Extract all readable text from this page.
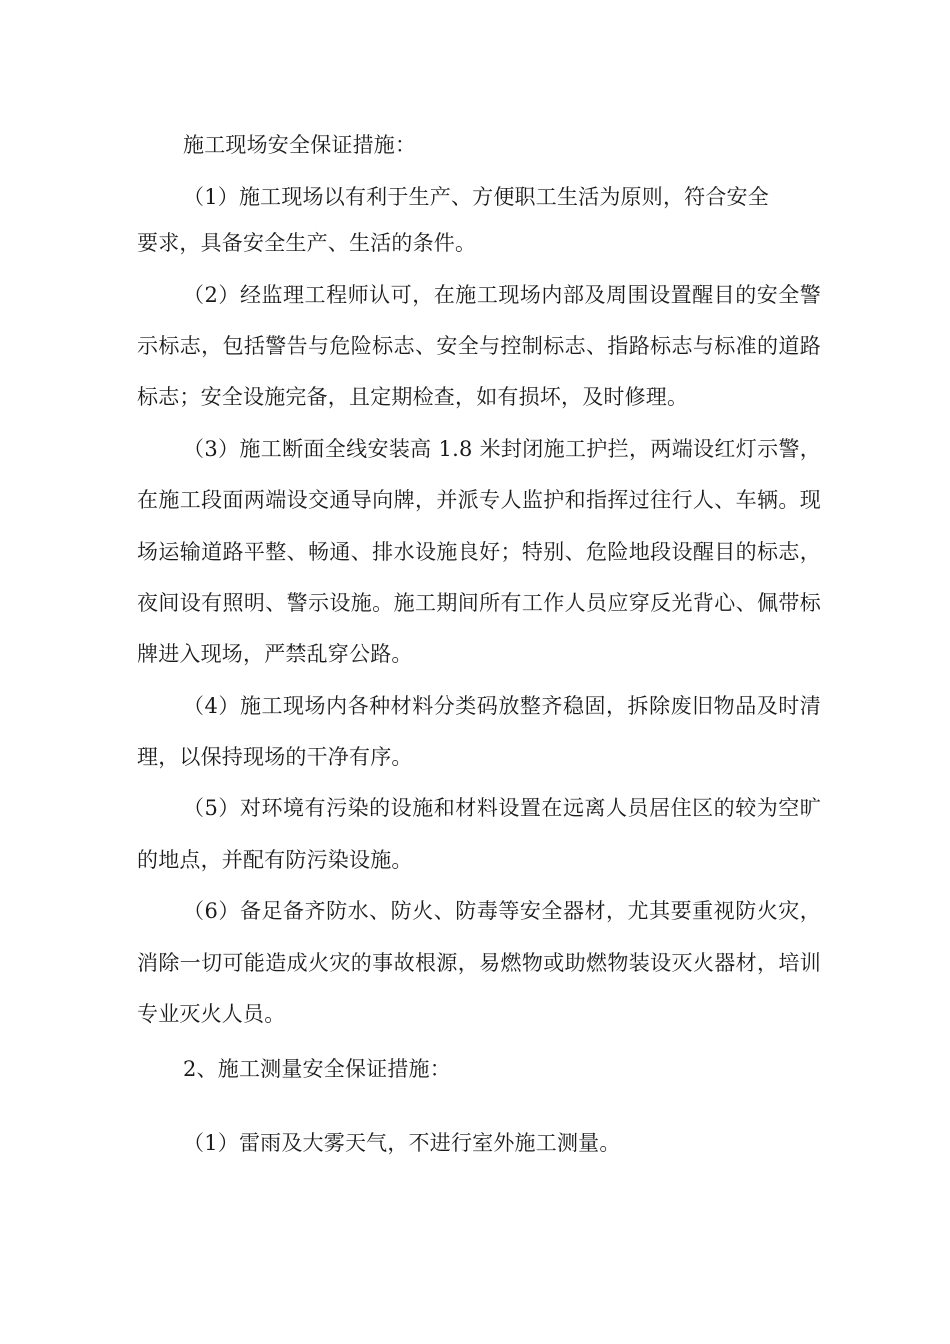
施工现场安全保证措施：
（1）施工现场以有利于生产、方便职工生活为原则，符合安全
要求，具备安全生产、生活的条件。
（2）经监理工程师认可，在施工现场内部及周围设置醒目的安全警
示标志，包括警告与危险标志、安全与控制标志、指路标志与标准的道路
标志；安全设施完备，且定期检查，如有损坏，及时修理。
（3）施工断面全线安装高 1.8 米封闭施工护拦，两端设红灯示警，
在施工段面两端设交通导向牌，并派专人监护和指挥过往行人、车辆。现
场运输道路平整、畅通、排水设施良好；特别、危险地段设醒目的标志，
夜间设有照明、警示设施。施工期间所有工作人员应穿反光背心、佩带标
牌进入现场，严禁乱穿公路。
（4）施工现场内各种材料分类码放整齐稳固，拆除废旧物品及时清
理，以保持现场的干净有序。
（5）对环境有污染的设施和材料设置在远离人员居住区的较为空旷
的地点，并配有防污染设施。
（6）备足备齐防水、防火、防毒等安全器材，尤其要重视防火灾，
消除一切可能造成火灾的事故根源，易燃物或助燃物装设灭火器材，培训
专业灭火人员。
2、施工测量安全保证措施：
（1）雷雨及大雾天气，不进行室外施工测量。
